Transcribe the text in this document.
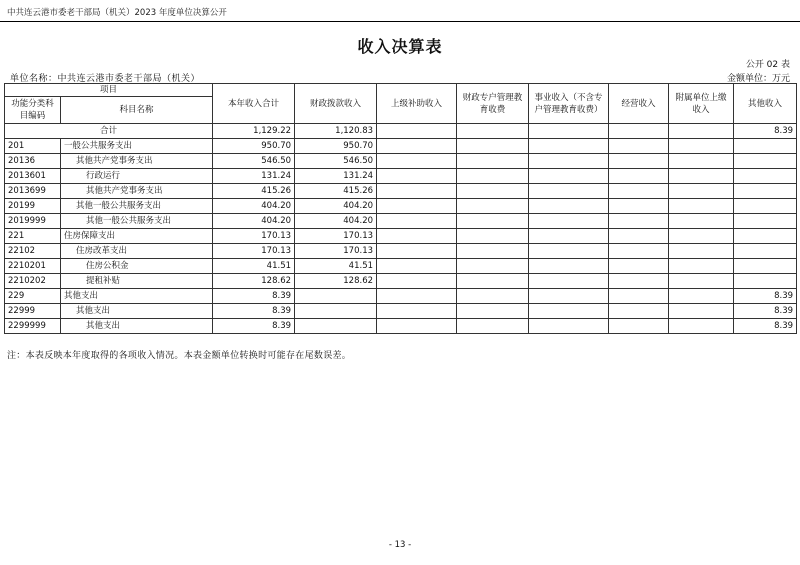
中共连云港市委老干部局（机关）2023 年度单位决算公开
收入决算表
公开 02 表
单位名称：中共连云港市委老干部局（机关）	金额单位：万元
项目		本年收入合计	财政拨款收入	上级补助收入	财政专户管理教育收费	事业收入（不含专户管理教育收费）	经营收入	附属单位上缴收入	其他收入
功能分类科目编码	科目名称								
合计		1,129.22	1,120.83						8.39
201	一般公共服务支出	950.70	950.70						
20136	其他共产党事务支出	546.50	546.50						
2013601	行政运行	131.24	131.24						
2013699	其他共产党事务支出	415.26	415.26						
20199	其他一般公共服务支出	404.20	404.20						
2019999	其他一般公共服务支出	404.20	404.20						
221	住房保障支出	170.13	170.13						
22102	住房改革支出	170.13	170.13						
2210201	住房公积金	41.51	41.51						
2210202	提租补贴	128.62	128.62						
229	其他支出	8.39							8.39
22999	其他支出	8.39							8.39
2299999	其他支出	8.39							8.39
注：本表反映本年度取得的各项收入情况。本表金额单位转换时可能存在尾数误差。
- 13 -
